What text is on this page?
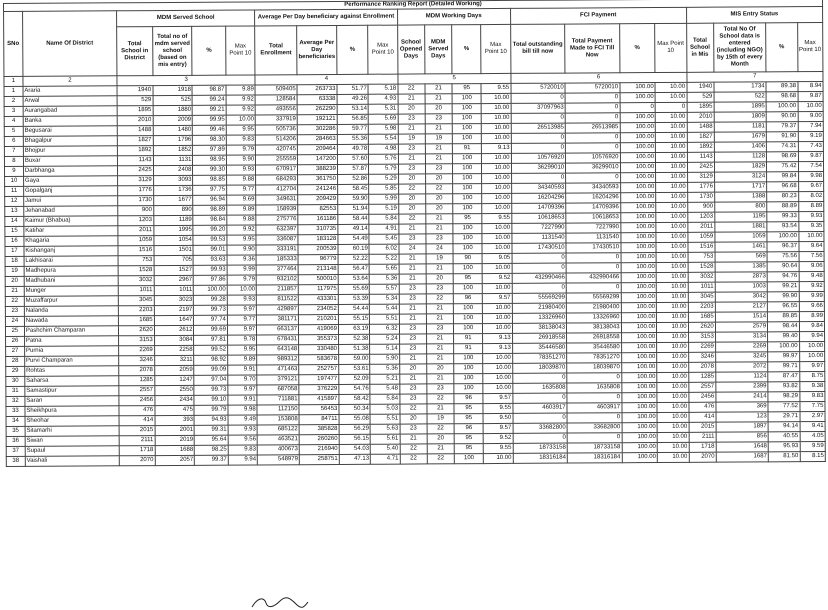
Performance Ranking Report (Detailed Working)																					
SNo	Name Of District	MDM Served School				Average Per Day beneficiary against Enrollment				MDM Working Days				FCI Payment				MIS Entry Status			
		Total School in District	Total no of mdm served school (based on mis entry)	%	Max Point 10	Total Enrollment	Average Per Day beneficiaries	%	Max Point 10	School Opened Days	MDM Served Days	%	Max Point 10	Total outstanding bill till now	Total Payment Made to FCI Till Now	%	Max Point 10	Total School in Mis	Total No Of School data is entered (including NGO) by 15th of every Month	%	Max Point 10
1	2	3				4				5				6				7			
1	Araria	1940	1918	98.87	9.89	509405	263733	51.77	5.18	22	21	95	9.55	5720010	5720010	100.00	10.00	1940	1734	89.38	8.94
2	Arwal	529	525	99.24	9.92	128584	63338	49.26	4.93	21	21	100	10.00	0	0	100.00	10.00	529	522	98.68	9.87
3	Aurangabad	1895	1880	99.21	9.92	493556	262290	53.14	5.31	20	20	100	10.00	37097963	0	0	0	1895	1895	100.00	10.00
4	Banka	2010	2009	99.95	10.00	337919	192121	56.85	5.69	23	23	100	10.00	0	0	100.00	10.00	2010	1809	90.00	9.00
5	Begusarai	1488	1480	99.46	9.95	505736	302286	59.77	5.98	21	21	100	10.00	26513985	26513985	100.00	10.00	1488	1181	79.37	7.94
6	Bhagalpur	1827	1796	98.30	9.83	514206	284663	55.36	5.54	19	19	100	10.00	0	0	100.00	10.00	1827	1679	91.90	9.19
7	Bhojpur	1892	1852	97.89	9.79	420745	209464	49.78	4.98	23	21	91	9.13	0	0	100.00	10.00	1892	1406	74.31	7.43
8	Buxar	1143	1131	98.95	9.90	255559	147200	57.60	5.76	21	21	100	10.00	10576920	10576920	100.00	10.00	1143	1128	98.69	9.87
9	Darbhanga	2425	2408	99.30	9.93	670917	388239	57.87	5.79	23	23	100	10.00	36299010	36299010	100.00	10.00	2425	1829	75.42	7.54
10	Gaya	3129	3093	98.85	9.88	684293	361750	52.86	5.29	20	20	100	10.00	0	0	100.00	10.00	3129	3124	99.84	9.98
11	Gopalganj	1776	1736	97.75	9.77	412704	241246	58.45	5.85	22	22	100	10.00	34340593	34340593	100.00	10.00	1776	1717	96.68	9.67
12	Jamui	1730	1677	96.94	9.69	349631	209429	59.90	5.99	20	20	100	10.00	16204296	16204296	100.00	10.00	1730	1388	80.23	8.02
13	Jehanabad	900	890	98.89	9.89	158939	82553	51.94	5.19	20	20	100	10.00	14709396	14709396	100.00	10.00	900	800	88.89	8.89
14	Kaimur (Bhabua)	1203	1189	98.84	9.88	275776	161186	58.44	5.84	22	21	95	9.55	10618653	10618653	100.00	10.00	1203	1195	99.33	9.93
15	Katihar	2011	1995	99.20	9.92	632397	310735	49.14	4.91	21	21	100	10.00	7227990	7227990	100.00	10.00	2011	1881	93.54	9.35
16	Khagaria	1059	1054	99.53	9.95	336087	183128	54.49	5.45	23	23	100	10.00	1131540	1131540	100.00	10.00	1059	1059	100.00	10.00
17	Kishanganj	1516	1501	99.01	9.90	333191	200539	60.19	6.02	24	24	100	10.00	17430510	17430510	100.00	10.00	1516	1461	96.37	9.64
18	Lakhisarai	753	705	93.63	9.36	185333	96779	52.22	5.22	21	19	90	9.05	0	0	100.00	10.00	753	569	75.56	7.56
19	Madhepura	1528	1527	99.93	9.99	377464	213148	56.47	5.65	21	21	100	10.00	0	0	100.00	10.00	1528	1385	90.64	9.06
20	Madhubani	3032	2967	97.86	9.79	932102	500010	53.64	5.36	21	20	95	9.52	432990466	432990466	100.00	10.00	3032	2873	94.76	9.48
21	Munger	1011	1011	100.00	10.00	211857	117975	55.69	5.57	23	23	100	10.00	0	0	100.00	10.00	1011	1003	99.21	9.92
22	Muzaffarpur	3045	3023	99.28	9.93	811522	433301	53.39	5.34	23	22	96	9.57	55569299	55569299	100.00	10.00	3045	3042	99.90	9.99
23	Nalanda	2203	2197	99.73	9.97	429897	234052	54.44	5.44	21	21	100	10.00	21980400	21980400	100.00	10.00	2203	2127	96.55	9.66
24	Nawada	1685	1647	97.74	9.77	381171	210201	55.15	5.51	21	21	100	10.00	13326960	13326960	100.00	10.00	1685	1514	89.85	8.99
25	Pashchim Champaran	2620	2612	99.69	9.97	663137	419069	63.19	6.32	23	23	100	10.00	38138043	38138043	100.00	10.00	2620	2579	98.44	9.84
26	Patna	3153	3084	97.81	9.78	678431	355373	52.38	5.24	23	21	91	9.13	26918558	26918558	100.00	10.00	3153	3134	99.40	9.94
27	Purnia	2269	2258	99.52	9.95	643148	330480	51.38	5.14	23	21	91	9.13	35446580	35446580	100.00	10.00	2269	2269	100.00	10.00
28	Purvi Champaran	3246	3211	98.92	9.89	989312	583678	59.00	5.90	21	21	100	10.00	78351270	78351270	100.00	10.00	3246	3245	99.97	10.00
29	Rohtas	2078	2059	99.09	9.91	471463	252757	53.61	5.36	20	20	100	10.00	18039870	18039870	100.00	10.00	2078	2072	99.71	9.97
30	Saharsa	1285	1247	97.04	9.70	379121	197477	52.09	5.21	21	21	100	10.00	0	0	100.00	10.00	1285	1124	87.47	8.75
31	Samastipur	2557	2550	99.73	9.97	687058	376229	54.76	5.48	23	23	100	10.00	1635808	1635808	100.00	10.00	2557	2399	93.82	9.38
32	Saran	2456	2434	99.10	9.91	711881	415897	58.42	5.84	23	22	96	9.57	0	0	100.00	10.00	2456	2414	98.29	9.83
33	Sheikhpura	476	475	99.79	9.98	112150	56453	50.34	5.03	22	21	95	9.55	4603917	4603917	100.00	10.00	476	369	77.52	7.75
34	Sheohar	414	393	94.93	9.49	153808	84711	55.08	5.51	20	19	95	9.50	0	0	100.00	10.00	414	123	29.71	2.97
35	Sitamarhi	2015	2001	99.31	9.93	685122	385828	56.29	5.63	23	22	96	9.57	33682800	33682800	100.00	10.00	2015	1897	94.14	9.41
36	Siwan	2111	2019	95.64	9.56	463521	260260	56.15	5.61	21	20	95	9.52	0	0	100.00	10.00	2111	856	40.55	4.05
37	Supaul	1718	1688	98.25	9.83	400673	216940	54.03	5.40	22	21	95	9.55	18733158	18733158	100.00	10.00	1718	1648	95.93	9.59
38	Vaishali	2070	2057	99.37	9.94	548979	258751	47.13	4.71	22	22	100	10.00	18316184	18316184	100.00	10.00	2070	1687	81.50	8.15
